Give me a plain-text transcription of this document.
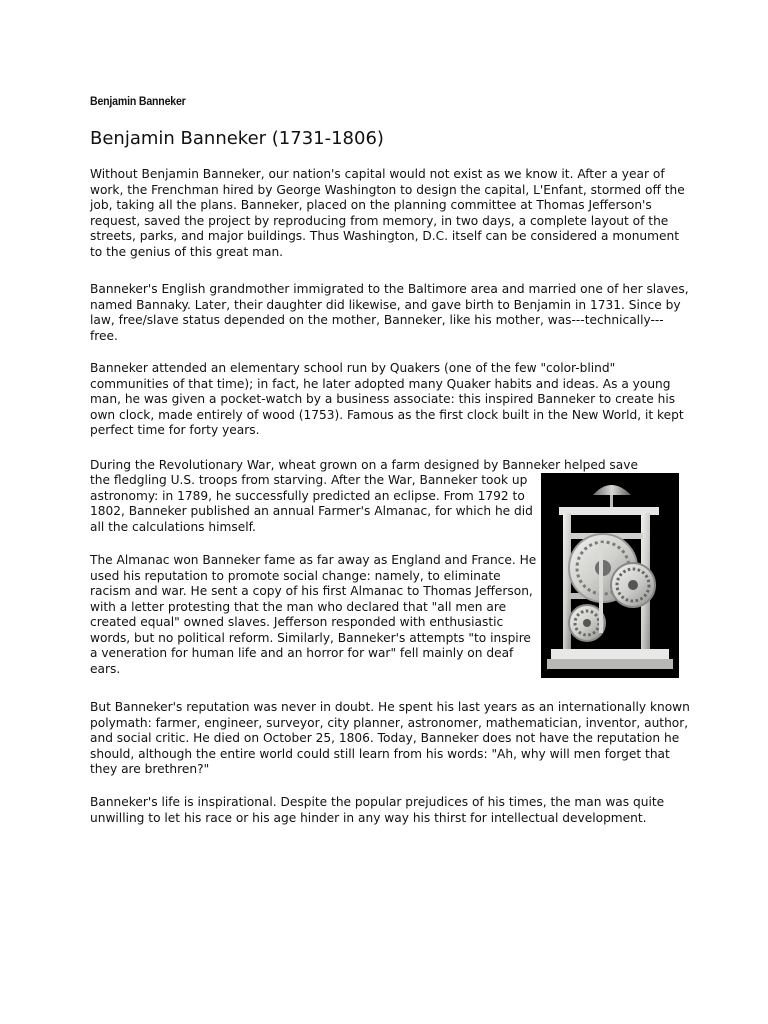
Benjamin Banneker
Benjamin Banneker (1731-1806)

Without Benjamin Banneker, our nation's capital would not exist as we know it. After a year of work, the Frenchman hired by George Washington to design the capital, L'Enfant, stormed off the job, taking all the plans. Banneker, placed on the planning committee at Thomas Jefferson's request, saved the project by reproducing from memory, in two days, a complete layout of the streets, parks, and major buildings. Thus Washington, D.C. itself can be considered a monument to the genius of this great man.

Banneker's English grandmother immigrated to the Baltimore area and married one of her slaves, named Bannaky. Later, their daughter did likewise, and gave birth to Benjamin in 1731. Since by law, free/slave status depended on the mother, Banneker, like his mother, was---technically---free.

Banneker attended an elementary school run by Quakers (one of the few "color-blind" communities of that time); in fact, he later adopted many Quaker habits and ideas. As a young man, he was given a pocket-watch by a business associate: this inspired Banneker to create his own clock, made entirely of wood (1753). Famous as the first clock built in the New World, it kept perfect time for forty years.

During the Revolutionary War, wheat grown on a farm designed by Banneker helped save

the fledgling U.S. troops from starving. After the War, Banneker took up astronomy: in 1789, he successfully predicted an eclipse. From 1792 to 1802, Banneker published an annual Farmer's Almanac, for which he did all the calculations himself.

The Almanac won Banneker fame as far away as England and France. He used his reputation to promote social change: namely, to eliminate racism and war. He sent a copy of his first Almanac to Thomas Jefferson, with a letter protesting that the man who declared that "all men are created equal" owned slaves. Jefferson responded with enthusiastic words, but no political reform. Similarly, Banneker's attempts "to inspire a veneration for human life and an horror for war" fell mainly on deaf ears.

But Banneker's reputation was never in doubt. He spent his last years as an internationally known polymath: farmer, engineer, surveyor, city planner, astronomer, mathematician, inventor, author, and social critic. He died on October 25, 1806. Today, Banneker does not have the reputation he should, although the entire world could still learn from his words: "Ah, why will men forget that they are brethren?"

Banneker's life is inspirational. Despite the popular prejudices of his times, the man was quite unwilling to let his race or his age hinder in any way his thirst for intellectual development.
